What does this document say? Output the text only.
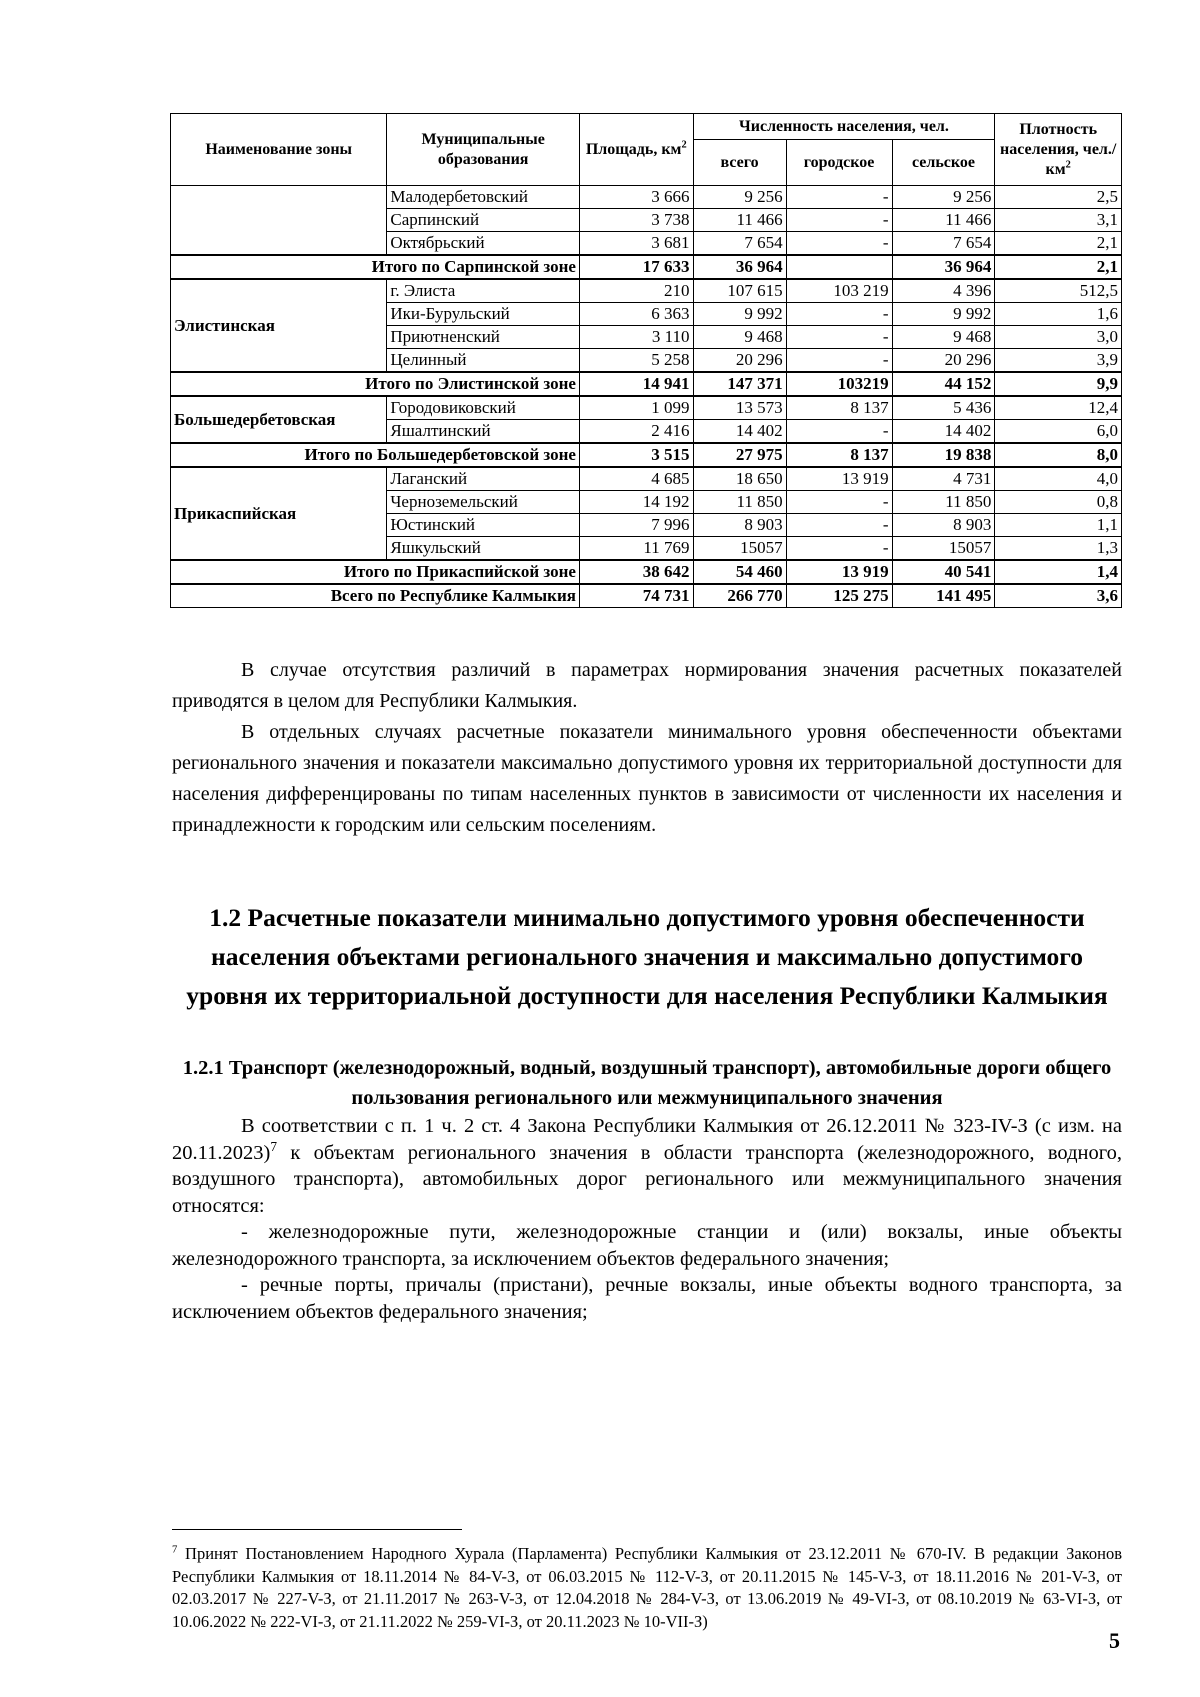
Наименование зоны	Муниципальные образования	Площадь, $км^2$	Численность населения, чел.			Плотность населения, чел./ $км^2$
			всего	городское	сельское	
	Малодербетовский	3 666	9 256	-	9 256	2,5
	Сарпинский	3 738	11 466	-	11 466	3,1
	Октябрьский	3 681	7 654	-	7 654	2,1
Итого по Сарпинской зоне		17 633	36 964		36 964	2,1
Элистинская	г. Элиста	210	107 615	103 219	4 396	512,5
	Ики-Бурульский	6 363	9 992	-	9 992	1,6
	Приютненский	3 110	9 468	-	9 468	3,0
	Целинный	5 258	20 296	-	20 296	3,9
Итого по Элистинской зоне		14 941	147 371	103219	44 152	9,9
Большедербетовская	Городовиковский	1 099	13 573	8 137	5 436	12,4
	Яшалтинский	2 416	14 402	-	14 402	6,0
Итого по Большедербетовской зоне		3 515	27 975	8 137	19 838	8,0
Прикаспийская	Лаганский	4 685	18 650	13 919	4 731	4,0
	Черноземельский	14 192	11 850	-	11 850	0,8
	Юстинский	7 996	8 903	-	8 903	1,1
	Яшкульский	11 769	15057	-	15057	1,3
Итого по Прикаспийской зоне		38 642	54 460	13 919	40 541	1,4
Всего по Республике Калмыкия		74 731	266 770	125 275	141 495	3,6

В случае отсутствия различий в параметрах нормирования значения расчетных показателей приводятся в целом для Республики Калмыкия.

В отдельных случаях расчетные показатели минимального уровня обеспеченности объектами регионального значения и показатели максимально допустимого уровня их территориальной доступности для населения дифференцированы по типам населенных пунктов в зависимости от численности их населения и принадлежности к городским или сельским поселениям.

1.2 Расчетные показатели минимально допустимого уровня обеспеченности населения объектами регионального значения и максимально допустимого уровня их территориальной доступности для населения Республики Калмыкия
1.2.1 Транспорт (железнодорожный, водный, воздушный транспорт), автомобильные дороги общего пользования регионального или межмуниципального значения

В соответствии с п. 1 ч. 2 ст. 4 Закона Республики Калмыкия от 26.12.2011 № 323-IV-З (с изм. на 20.11.2023)$^7$ к объектам регионального значения в области транспорта (железнодорожного, водного, воздушного транспорта), автомобильных дорог регионального или межмуниципального значения относятся:

- железнодорожные пути, железнодорожные станции и (или) вокзалы, иные объекты железнодорожного транспорта, за исключением объектов федерального значения;

- речные порты, причалы (пристани), речные вокзалы, иные объекты водного транспорта, за исключением объектов федерального значения;

$^7$ Принят Постановлением Народного Хурала (Парламента) Республики Калмыкия от 23.12.2011 № 670-IV. В редакции Законов Республики Калмыкия от 18.11.2014 № 84-V-З, от 06.03.2015 № 112-V-З, от 20.11.2015 № 145-V-З, от 18.11.2016 № 201-V-З, от 02.03.2017 № 227-V-З, от 21.11.2017 № 263-V-З, от 12.04.2018 № 284-V-З, от 13.06.2019 № 49-VI-З, от 08.10.2019 № 63-VI-З, от 10.06.2022 № 222-VI-З, от 21.11.2022 № 259-VI-З, от 20.11.2023 № 10-VII-З)
5
